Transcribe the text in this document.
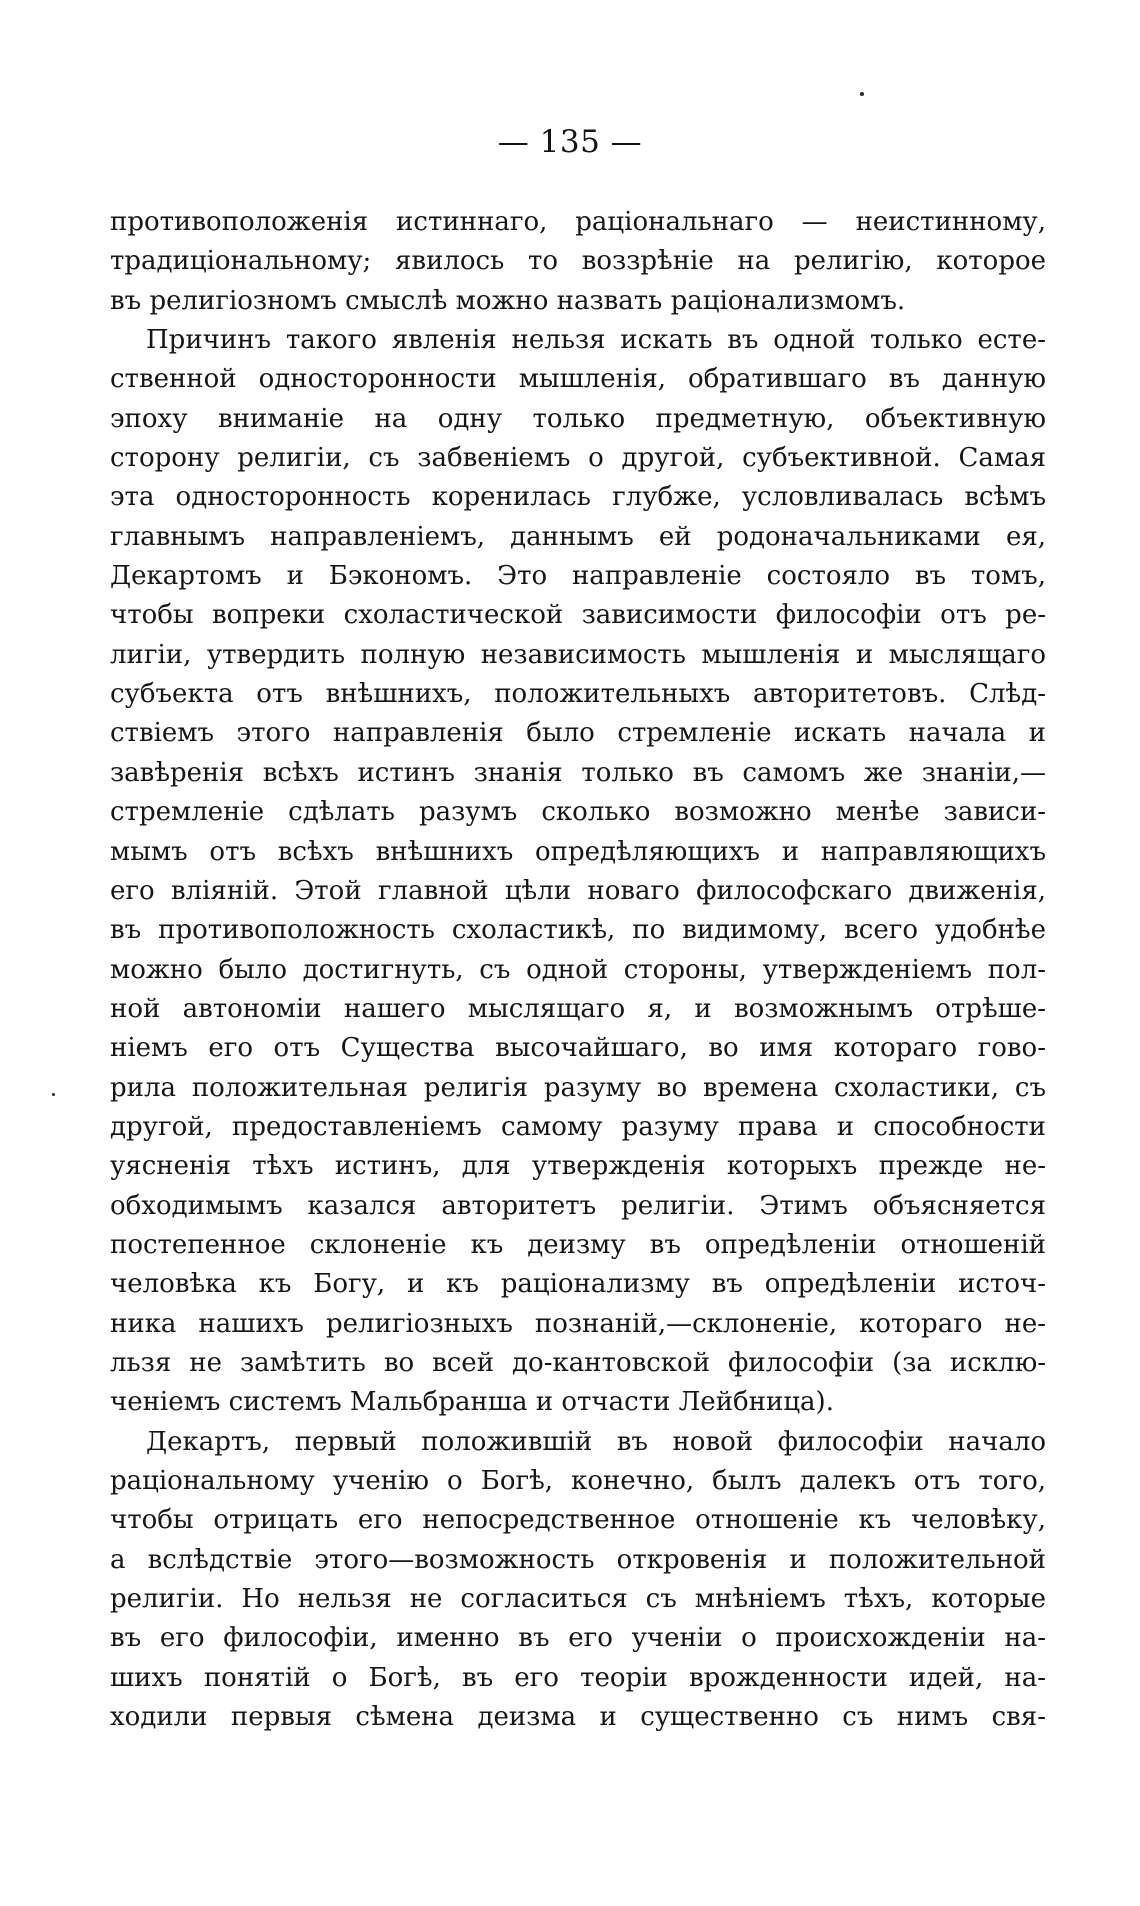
— 135 —
противоположенія истиннаго, раціональнаго — неистинному,
традиціональному; явилось то воззрѣніе на религію, которое
въ религіозномъ смыслѣ можно назвать раціонализмомъ.
Причинъ такого явленія нельзя искать въ одной только есте-
ственной односторонности мышленія, обратившаго въ данную
эпоху вниманіе на одну только предметную, объективную
сторону религіи, съ забвеніемъ о другой, субъективной. Самая
эта односторонность коренилась глубже, условливалась всѣмъ
главнымъ направленіемъ, даннымъ ей родоначальниками ея,
Декартомъ и Бэкономъ. Это направленіе состояло въ томъ,
чтобы вопреки схоластической зависимости философіи отъ ре-
лигіи, утвердить полную независимость мышленія и мыслящаго
субъекта отъ внѣшнихъ, положительныхъ авторитетовъ. Слѣд-
ствіемъ этого направленія было стремленіе искать начала и
завѣренія всѣхъ истинъ знанія только въ самомъ же знаніи,—
стремленіе сдѣлать разумъ сколько возможно менѣе зависи-
мымъ отъ всѣхъ внѣшнихъ опредѣляющихъ и направляющихъ
его вліяній. Этой главной цѣли новаго философскаго движенія,
въ противоположность схоластикѣ, по видимому, всего удобнѣе
можно было достигнуть, съ одной стороны, утвержденіемъ пол-
ной автономіи нашего мыслящаго я, и возможнымъ отрѣше-
ніемъ его отъ Существа высочайшаго, во имя котораго гово-
рила положительная религія разуму во времена схоластики, съ
другой, предоставленіемъ самому разуму права и способности
уясненія тѣхъ истинъ, для утвержденія которыхъ прежде не-
обходимымъ казался авторитетъ религіи. Этимъ объясняется
постепенное склоненіе къ деизму въ опредѣленіи отношеній
человѣка къ Богу, и къ раціонализму въ опредѣленіи источ-
ника нашихъ религіозныхъ познаній,—склоненіе, котораго не-
льзя не замѣтить во всей до-кантовской философіи (за исклю-
ченіемъ системъ Мальбранша и отчасти Лейбница).
Декартъ, первый положившій въ новой философіи начало
раціональному ученію о Богѣ, конечно, былъ далекъ отъ того,
чтобы отрицать его непосредственное отношеніе къ человѣку,
а вслѣдствіе этого—возможность откровенія и положительной
религіи. Но нельзя не согласиться съ мнѣніемъ тѣхъ, которые
въ его философіи, именно въ его ученіи о происхожденіи на-
шихъ понятій о Богѣ, въ его теоріи врожденности идей, на-
ходили первыя сѣмена деизма и существенно съ нимъ свя-
